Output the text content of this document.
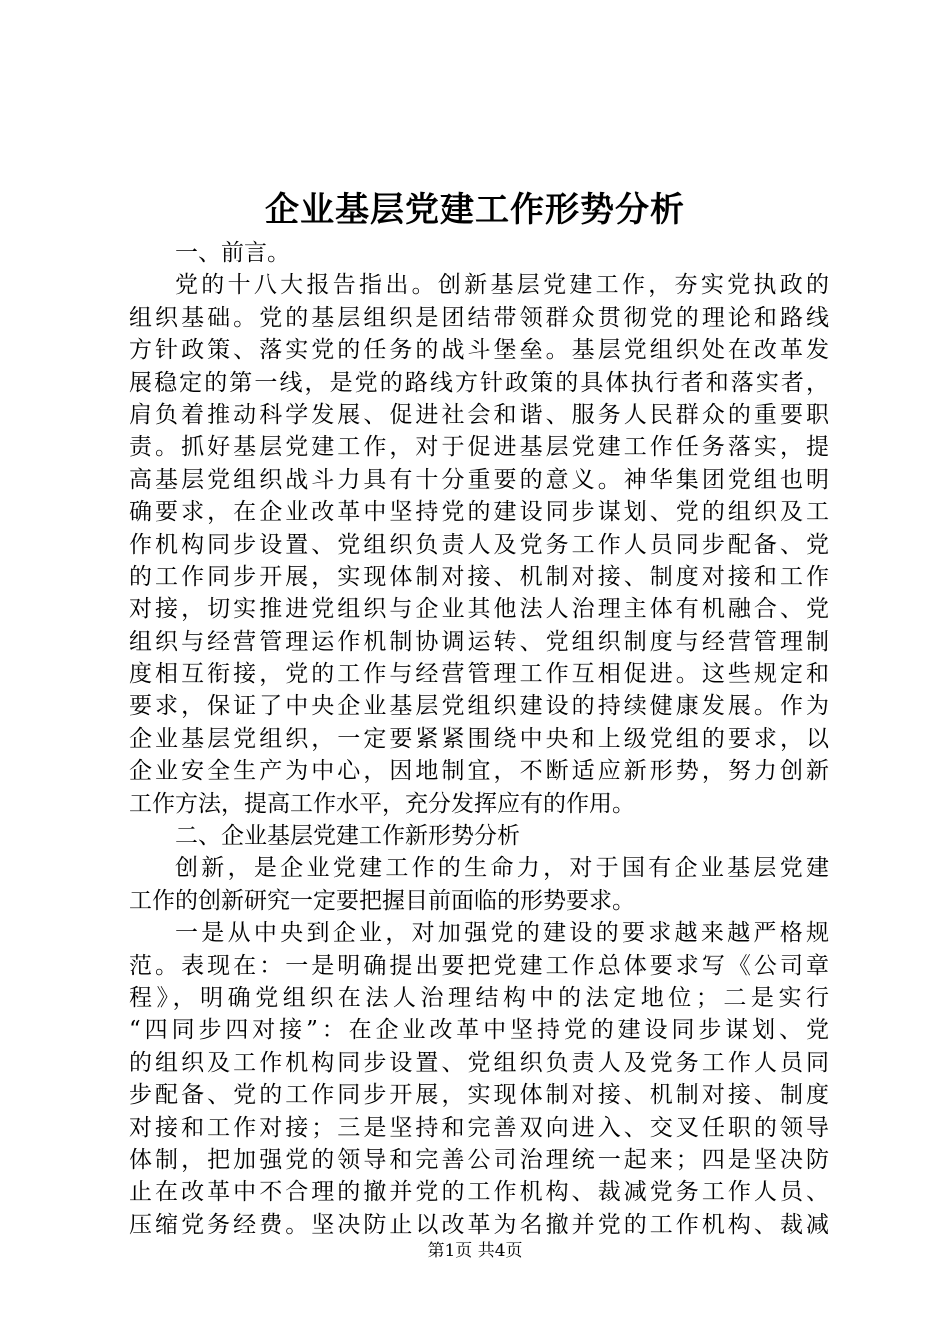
企业基层党建工作形势分析
一、前言。
党的十八大报告指出。创新基层党建工作，夯实党执政的
组织基础。党的基层组织是团结带领群众贯彻党的理论和路线
方针政策、落实党的任务的战斗堡垒。基层党组织处在改革发
展稳定的第一线，是党的路线方针政策的具体执行者和落实者，
肩负着推动科学发展、促进社会和谐、服务人民群众的重要职
责。抓好基层党建工作，对于促进基层党建工作任务落实，提
高基层党组织战斗力具有十分重要的意义。神华集团党组也明
确要求，在企业改革中坚持党的建设同步谋划、党的组织及工
作机构同步设置、党组织负责人及党务工作人员同步配备、党
的工作同步开展，实现体制对接、机制对接、制度对接和工作
对接，切实推进党组织与企业其他法人治理主体有机融合、党
组织与经营管理运作机制协调运转、党组织制度与经营管理制
度相互衔接，党的工作与经营管理工作互相促进。这些规定和
要求，保证了中央企业基层党组织建设的持续健康发展。作为
企业基层党组织，一定要紧紧围绕中央和上级党组的要求，以
企业安全生产为中心，因地制宜，不断适应新形势，努力创新
工作方法，提高工作水平，充分发挥应有的作用。
二、企业基层党建工作新形势分析
创新，是企业党建工作的生命力，对于国有企业基层党建
工作的创新研究一定要把握目前面临的形势要求。
一是从中央到企业，对加强党的建设的要求越来越严格规
范。表现在：一是明确提出要把党建工作总体要求写《公司章
程》，明确党组织在法人治理结构中的法定地位；二是实行
“四同步四对接”：在企业改革中坚持党的建设同步谋划、党
的组织及工作机构同步设置、党组织负责人及党务工作人员同
步配备、党的工作同步开展，实现体制对接、机制对接、制度
对接和工作对接；三是坚持和完善双向进入、交叉任职的领导
体制，把加强党的领导和完善公司治理统一起来；四是坚决防
止在改革中不合理的撤并党的工作机构、裁减党务工作人员、
压缩党务经费。坚决防止以改革为名撤并党的工作机构、裁减
第1页 共4页
